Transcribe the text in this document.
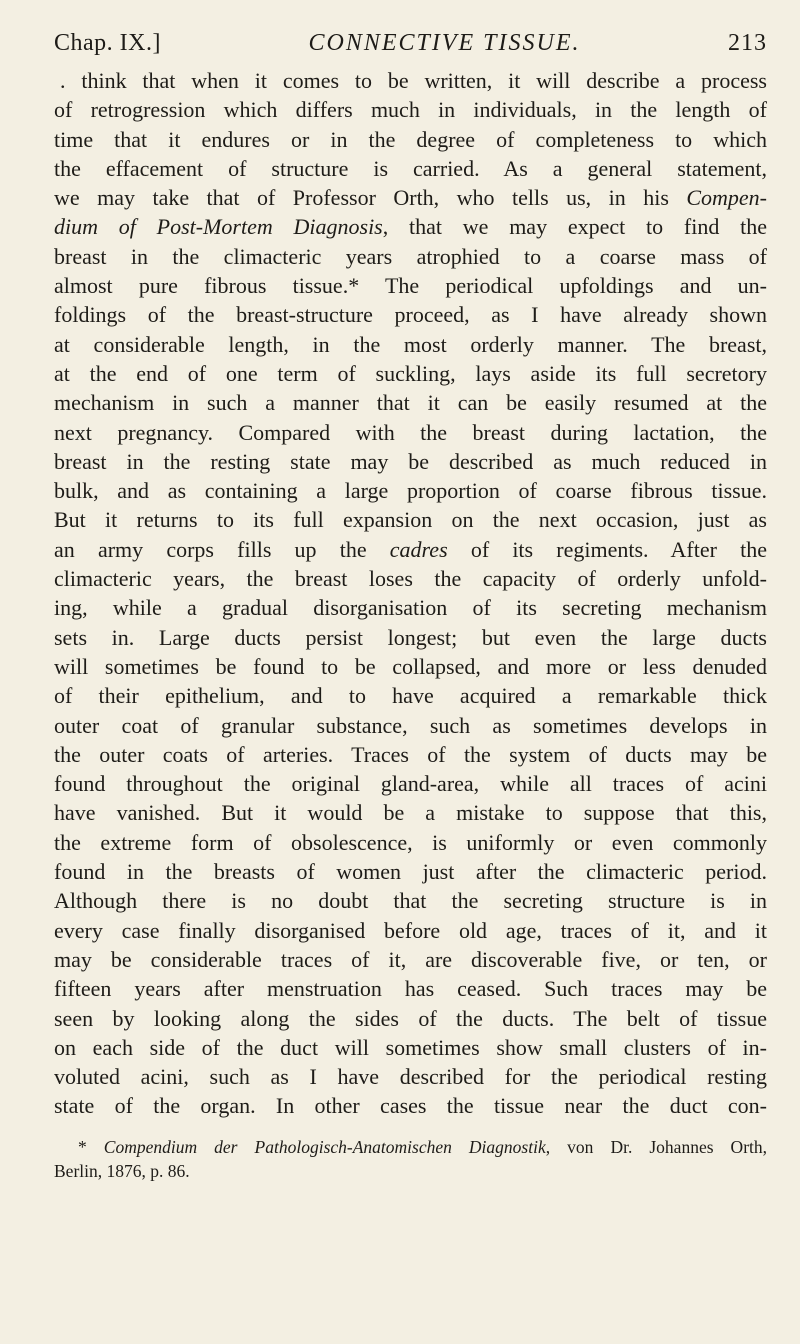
Chap. IX.]	CONNECTIVE TISSUE.	213
. think that when it comes to be written, it will describe a process
of retrogression which differs much in individuals, in the length of
time that it endures or in the degree of completeness to which
the effacement of structure is carried. As a general statement,
we may take that of Professor Orth, who tells us, in his Compen-
dium of Post-Mortem Diagnosis, that we may expect to find the
breast in the climacteric years atrophied to a coarse mass of
almost pure fibrous tissue.* The periodical upfoldings and un-
foldings of the breast-structure proceed, as I have already shown
at considerable length, in the most orderly manner. The breast,
at the end of one term of suckling, lays aside its full secretory
mechanism in such a manner that it can be easily resumed at the
next pregnancy. Compared with the breast during lactation, the
breast in the resting state may be described as much reduced in
bulk, and as containing a large proportion of coarse fibrous tissue.
But it returns to its full expansion on the next occasion, just as
an army corps fills up the cadres of its regiments. After the
climacteric years, the breast loses the capacity of orderly unfold-
ing, while a gradual disorganisation of its secreting mechanism
sets in. Large ducts persist longest; but even the large ducts
will sometimes be found to be collapsed, and more or less denuded
of their epithelium, and to have acquired a remarkable thick
outer coat of granular substance, such as sometimes develops in
the outer coats of arteries. Traces of the system of ducts may be
found throughout the original gland-area, while all traces of acini
have vanished. But it would be a mistake to suppose that this,
the extreme form of obsolescence, is uniformly or even commonly
found in the breasts of women just after the climacteric period.
Although there is no doubt that the secreting structure is in
every case finally disorganised before old age, traces of it, and it
may be considerable traces of it, are discoverable five, or ten, or
fifteen years after menstruation has ceased. Such traces may be
seen by looking along the sides of the ducts. The belt of tissue
on each side of the duct will sometimes show small clusters of in-
voluted acini, such as I have described for the periodical resting
state of the organ. In other cases the tissue near the duct con-
* Compendium der Pathologisch-Anatomischen Diagnostik, von Dr. Johannes Orth,
Berlin, 1876, p. 86.
